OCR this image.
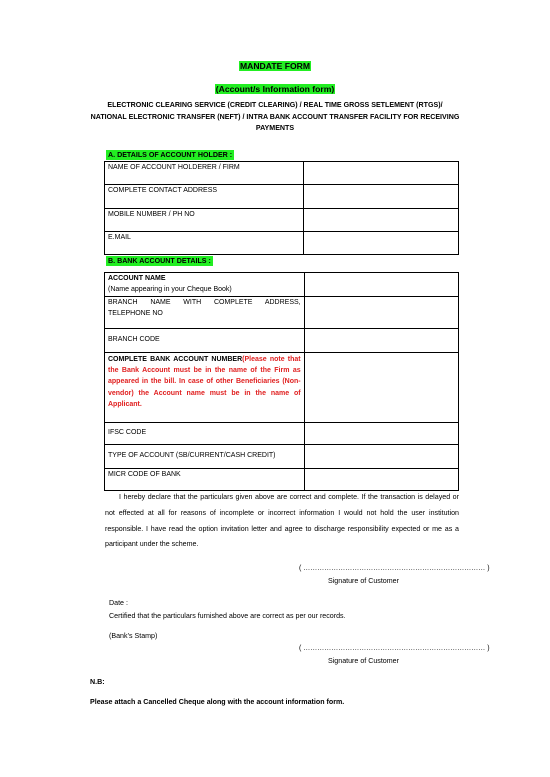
MANDATE FORM
(Account/s Information form)
ELECTRONIC CLEARING SERVICE (CREDIT CLEARING) / REAL TIME GROSS SETLEMENT (RTGS)/ NATIONAL ELECTRONIC TRANSFER (NEFT) / INTRA BANK ACCOUNT TRANSFER FACILITY FOR RECEIVING PAYMENTS
A. DETAILS OF ACCOUNT HOLDER :
NAME OF ACCOUNT HOLDERER / FIRM	
COMPLETE CONTACT ADDRESS	
MOBILE NUMBER / PH NO	
E.MAIL	
B. BANK ACCOUNT DETAILS :
ACCOUNT NAME
(Name appearing in your Cheque Book)	

BRANCH NAME WITH COMPLETE ADDRESS, TELEPHONE NO	
BRANCH CODE	
COMPLETE BANK ACCOUNT NUMBER(Please note that the Bank Account must be in the name of the Firm as appeared in the bill. In case of other Beneficiaries (Non-vendor) the Account name must be in the name of Applicant.	
IFSC CODE	
TYPE OF ACCOUNT (SB/CURRENT/CASH CREDIT)	
MICR CODE OF BANK	
I hereby declare that the particulars given above are correct and complete. If the transaction is delayed or not effected at all for reasons of incomplete or incorrect information I would not hold the user institution responsible. I have read the option invitation letter and agree to discharge responsibility expected or me as a participant under the scheme.
( …………………………………………………………………… )
Signature of Customer
Date :
Certified that the particulars furnished above are correct as per our records.
(Bank’s Stamp)
( …………………………………………………………………… )
Signature of Customer
N.B:
Please attach a Cancelled Cheque along with the account information form.
